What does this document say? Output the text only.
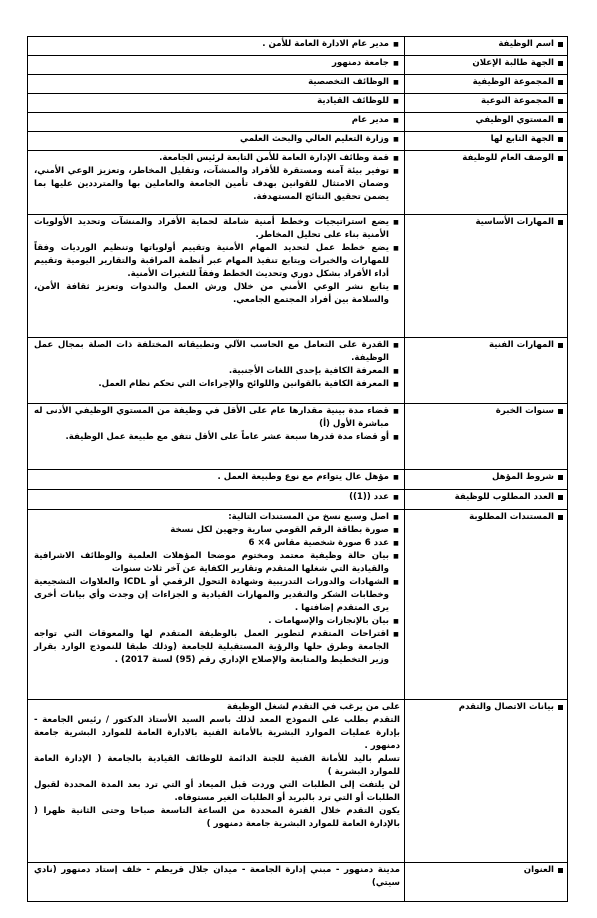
اسم الوظيفة
■
مدير عام الادارة العامة للأمن .
الجهة طالبة الإعلان
■
جامعة دمنهور
المجموعة الوظيفية
■
الوظائف التخصصية
المجموعة النوعية
■
للوظائف القيادية
المستوي الوظيفي
■
مدير عام
الجهة التابع لها
■
وزارة التعليم العالي والبحث العلمي
الوصف العام للوظيفة
■
قمة وظائف الإدارة العامة للأمن التابعة لرئيس الجامعة.
■
توفير بيئة آمنه ومستقرة للأفراد والمنشآت، وتقليل المخاطر، وتعزيز الوعي الأمني، وضمان الامتثال للقوانين بهدف تأمين الجامعة والعاملين بها والمترددين عليها بما يضمن تحقيق النتائج المستهدفة.
المهارات الأساسية
■
يضع استراتيجيات وخطط أمنية شاملة لحماية الأفراد والمنشآت وتحديد الأولويات الأمنية بناء على تحليل المخاطر.
■
يضع خطط عمل لتحديد المهام الأمنية وتقييم أولوياتها وتنظيم الورديات وفقاً للمهارات والخبرات ويتابع تنفيذ المهام عبر أنظمة المراقبة والتقارير اليومية وتقييم أداء الأفراد بشكل دوري وتحديث الخطط وفقاً للتغيرات الأمنية.
■
يتابع نشر الوعي الأمني من خلال ورش العمل والندوات وتعزيز ثقافة الأمن، والسلامة بين أفراد المجتمع الجامعي.
المهارات الفنية
■
القدرة على التعامل مع الحاسب الآلي وتطبيقاته المختلفة ذات الصلة بمجال عمل الوظيفة.
■
المعرفة الكافية بإحدى اللغات الأجنبية.
■
المعرفة الكافية بالقوانين واللوائح والإجراءات التي تحكم نظام العمل.
سنوات الخبرة
■
قضاء مدة بينية مقدارها عام على الأقل في وظيفة من المستوي الوظيفي الأدنى له مباشرة الأول (أ)
■
أو قضاء مدة قدرها سبعة عشر عاماً على الأقل تتفق مع طبيعة عمل الوظيفة.
شروط المؤهل
■
مؤهل عال يتواءم مع نوع وطبيعة العمل .
العدد المطلوب للوظيفة
■
عدد ((1))
المستندات المطلوبة
■
اصل وسبع نسخ من المستندات التالية:
■
صورة بطاقة الرقم القومي سارية وجهين لكل نسخة
■
عدد 6 صورة شخصية مقاس 4× 6
■
بيان حالة وظيفية معتمد ومختوم موضحا المؤهلات العلمية والوظائف الاشرافية والقيادية التي شغلها المتقدم وتقارير الكفاية عن آخر ثلاث سنوات
■
الشهادات والدورات التدريبية وشهادة التحول الرقمي أو ICDL والعلاوات التشجيعية وخطابات الشكر والتقدير والمهارات القيادية و الجزاءات إن وجدت وأي بيانات أخرى يرى المتقدم إضافتها .
■
بيان بالإنجازات والإسهامات .
■
اقتراحات المتقدم لتطوير العمل بالوظيفة المتقدم لها والمعوقات التي تواجه الجامعة وطرق حلها والرؤية المستقبلية للجامعة (وذلك طبقا للنموذج الوارد بقرار وزير التخطيط والمتابعة والإصلاح الإداري رقم (95) لسنة 2017) .
بيانات الاتصال والتقدم
على من يرغب في التقدم لشغل الوظيفة
التقدم بطلب على النموذج المعد لذلك باسم السيد الأستاذ الدكتور / رئيس الجامعة - بإدارة عمليات الموارد البشرية بالأمانة الفنية بالادارة العامة للموارد البشرية جامعة دمنهور .
تسلم باليد للأمانة الفنية للجنة الدائمة للوظائف القيادية بالجامعة ( الإدارة العامة للموارد البشرية )
لن يلتفت إلى الطلبات التي وردت قبل الميعاد أو التي ترد بعد المدة المحددة لقبول الطلبات أو التي ترد بالبريد أو الطلبات الغير مستوفاه.
يكون التقدم خلال الفترة المحددة من الساعة التاسعة صباحا وحتى الثانية ظهرا ( بالإدارة العامة للموارد البشرية جامعة دمنهور )
العنوان
مدينة دمنهور - مبني إدارة الجامعة - ميدان جلال قريطم - خلف إستاد دمنهور (نادي سيتي)
